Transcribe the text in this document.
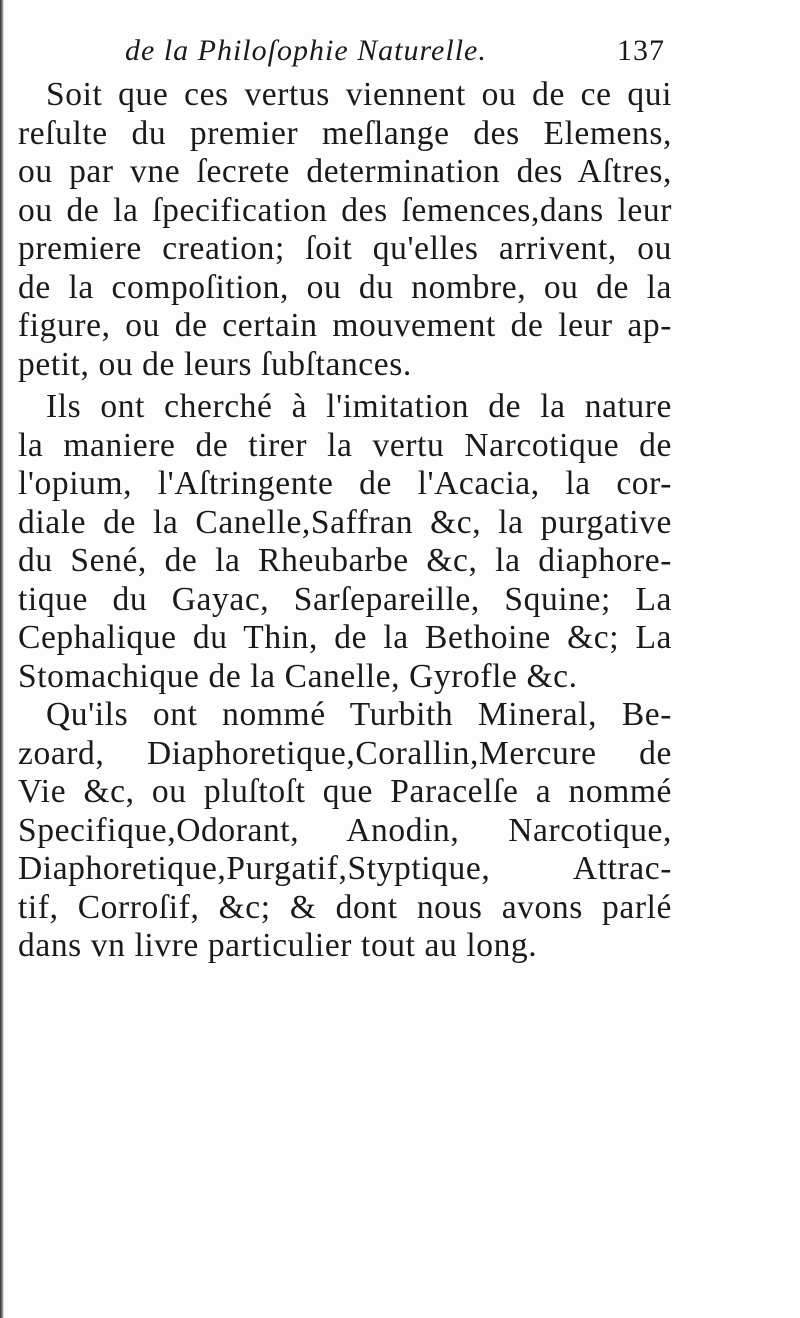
de la Philoſophie Naturelle.	137
Soit que ces vertus viennent ou de ce qui
reſulte du premier meſlange des Elemens,
ou par vne ſecrete determination des Aſtres,
ou de la ſpecification des ſemences,dans leur
premiere creation; ſoit qu'elles arrivent, ou
de la compoſition, ou du nombre, ou de la
figure, ou de certain mouvement de leur ap-
petit, ou de leurs ſubſtances.
Ils ont cherché à l'imitation de la nature
la maniere de tirer la vertu Narcotique de
l'opium, l'Aſtringente de l'Acacia, la cor-
diale de la Canelle,Saffran &c, la purgative
du Sené, de la Rheubarbe &c, la diaphore-
tique du Gayac, Sarſepareille, Squine; La
Cephalique du Thin, de la Bethoine &c; La
Stomachique de la Canelle, Gyrofle &c.
Qu'ils ont nommé Turbith Mineral, Be-
zoard, Diaphoretique,Corallin,Mercure de
Vie &c, ou pluſtoſt que Paracelſe a nommé
Specifique,Odorant, Anodin, Narcotique,
Diaphoretique,Purgatif,Styptique, Attrac-
tif, Corroſif, &c; & dont nous avons parlé
dans vn livre particulier tout au long.
